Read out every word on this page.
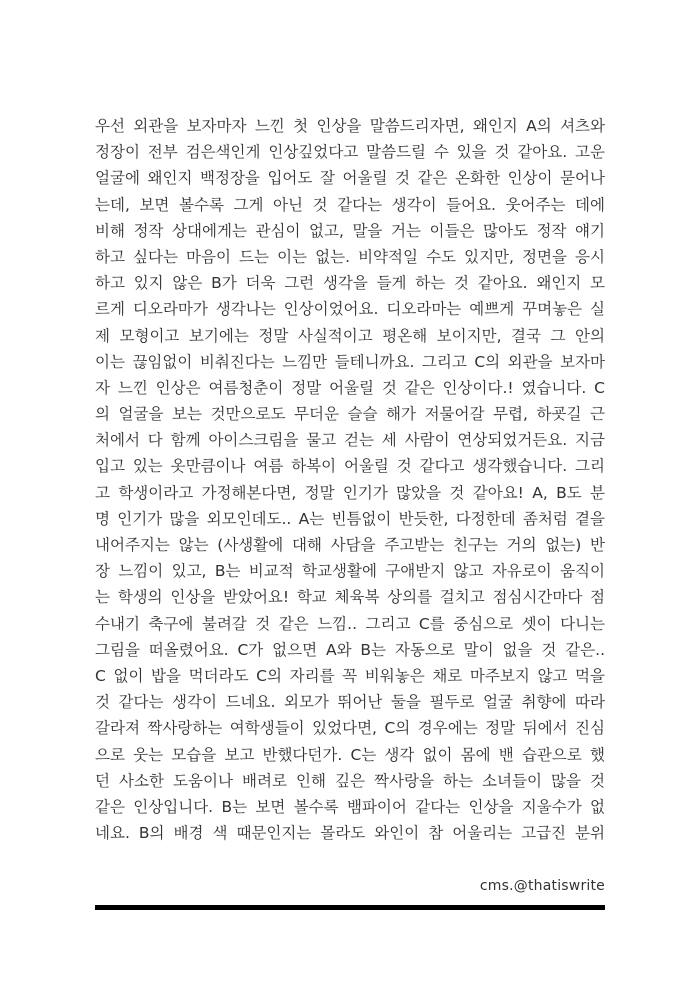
우선 외관을 보자마자 느낀 첫 인상을 말씀드리자면, 왜인지 A의 셔츠와
정장이 전부 검은색인게 인상깊었다고 말씀드릴 수 있을 것 같아요. 고운
얼굴에 왜인지 백정장을 입어도 잘 어울릴 것 같은 온화한 인상이 묻어나
는데, 보면 볼수록 그게 아닌 것 같다는 생각이 들어요. 웃어주는 데에
비해 정작 상대에게는 관심이 없고, 말을 거는 이들은 많아도 정작 얘기
하고 싶다는 마음이 드는 이는 없는. 비약적일 수도 있지만, 정면을 응시
하고 있지 않은 B가 더욱 그런 생각을 들게 하는 것 같아요. 왜인지 모
르게 디오라마가 생각나는 인상이었어요. 디오라마는 예쁘게 꾸며놓은 실
제 모형이고 보기에는 정말 사실적이고 평온해 보이지만, 결국 그 안의
이는 끊임없이 비춰진다는 느낌만 들테니까요. 그리고 C의 외관을 보자마
자 느낀 인상은 여름청춘이 정말 어울릴 것 같은 인상이다.! 였습니다. C
의 얼굴을 보는 것만으로도 무더운 슬슬 해가 저물어갈 무렵, 하굣길 근
처에서 다 함께 아이스크림을 물고 걷는 세 사람이 연상되었거든요. 지금
입고 있는 옷만큼이나 여름 하복이 어울릴 것 같다고 생각했습니다. 그리
고 학생이라고 가정해본다면, 정말 인기가 많았을 것 같아요! A, B도 분
명 인기가 많을 외모인데도.. A는 빈틈없이 반듯한, 다정한데 좀처럼 곁을
내어주지는 않는 (사생활에 대해 사담을 주고받는 친구는 거의 없는) 반
장 느낌이 있고, B는 비교적 학교생활에 구애받지 않고 자유로이 움직이
는 학생의 인상을 받았어요! 학교 체육복 상의를 걸치고 점심시간마다 점
수내기 축구에 불려갈 것 같은 느낌.. 그리고 C를 중심으로 셋이 다니는
그림을 떠올렸어요. C가 없으면 A와 B는 자동으로 말이 없을 것 같은..
C 없이 밥을 먹더라도 C의 자리를 꼭 비워놓은 채로 마주보지 않고 먹을
것 같다는 생각이 드네요. 외모가 뛰어난 둘을 필두로 얼굴 취향에 따라
갈라져 짝사랑하는 여학생들이 있었다면, C의 경우에는 정말 뒤에서 진심
으로 웃는 모습을 보고 반했다던가. C는 생각 없이 몸에 밴 습관으로 했
던 사소한 도움이나 배려로 인해 깊은 짝사랑을 하는 소녀들이 많을 것
같은 인상입니다. B는 보면 볼수록 뱀파이어 같다는 인상을 지울수가 없
네요. B의 배경 색 때문인지는 몰라도 와인이 참 어울리는 고급진 분위
cms.@thatiswrite
